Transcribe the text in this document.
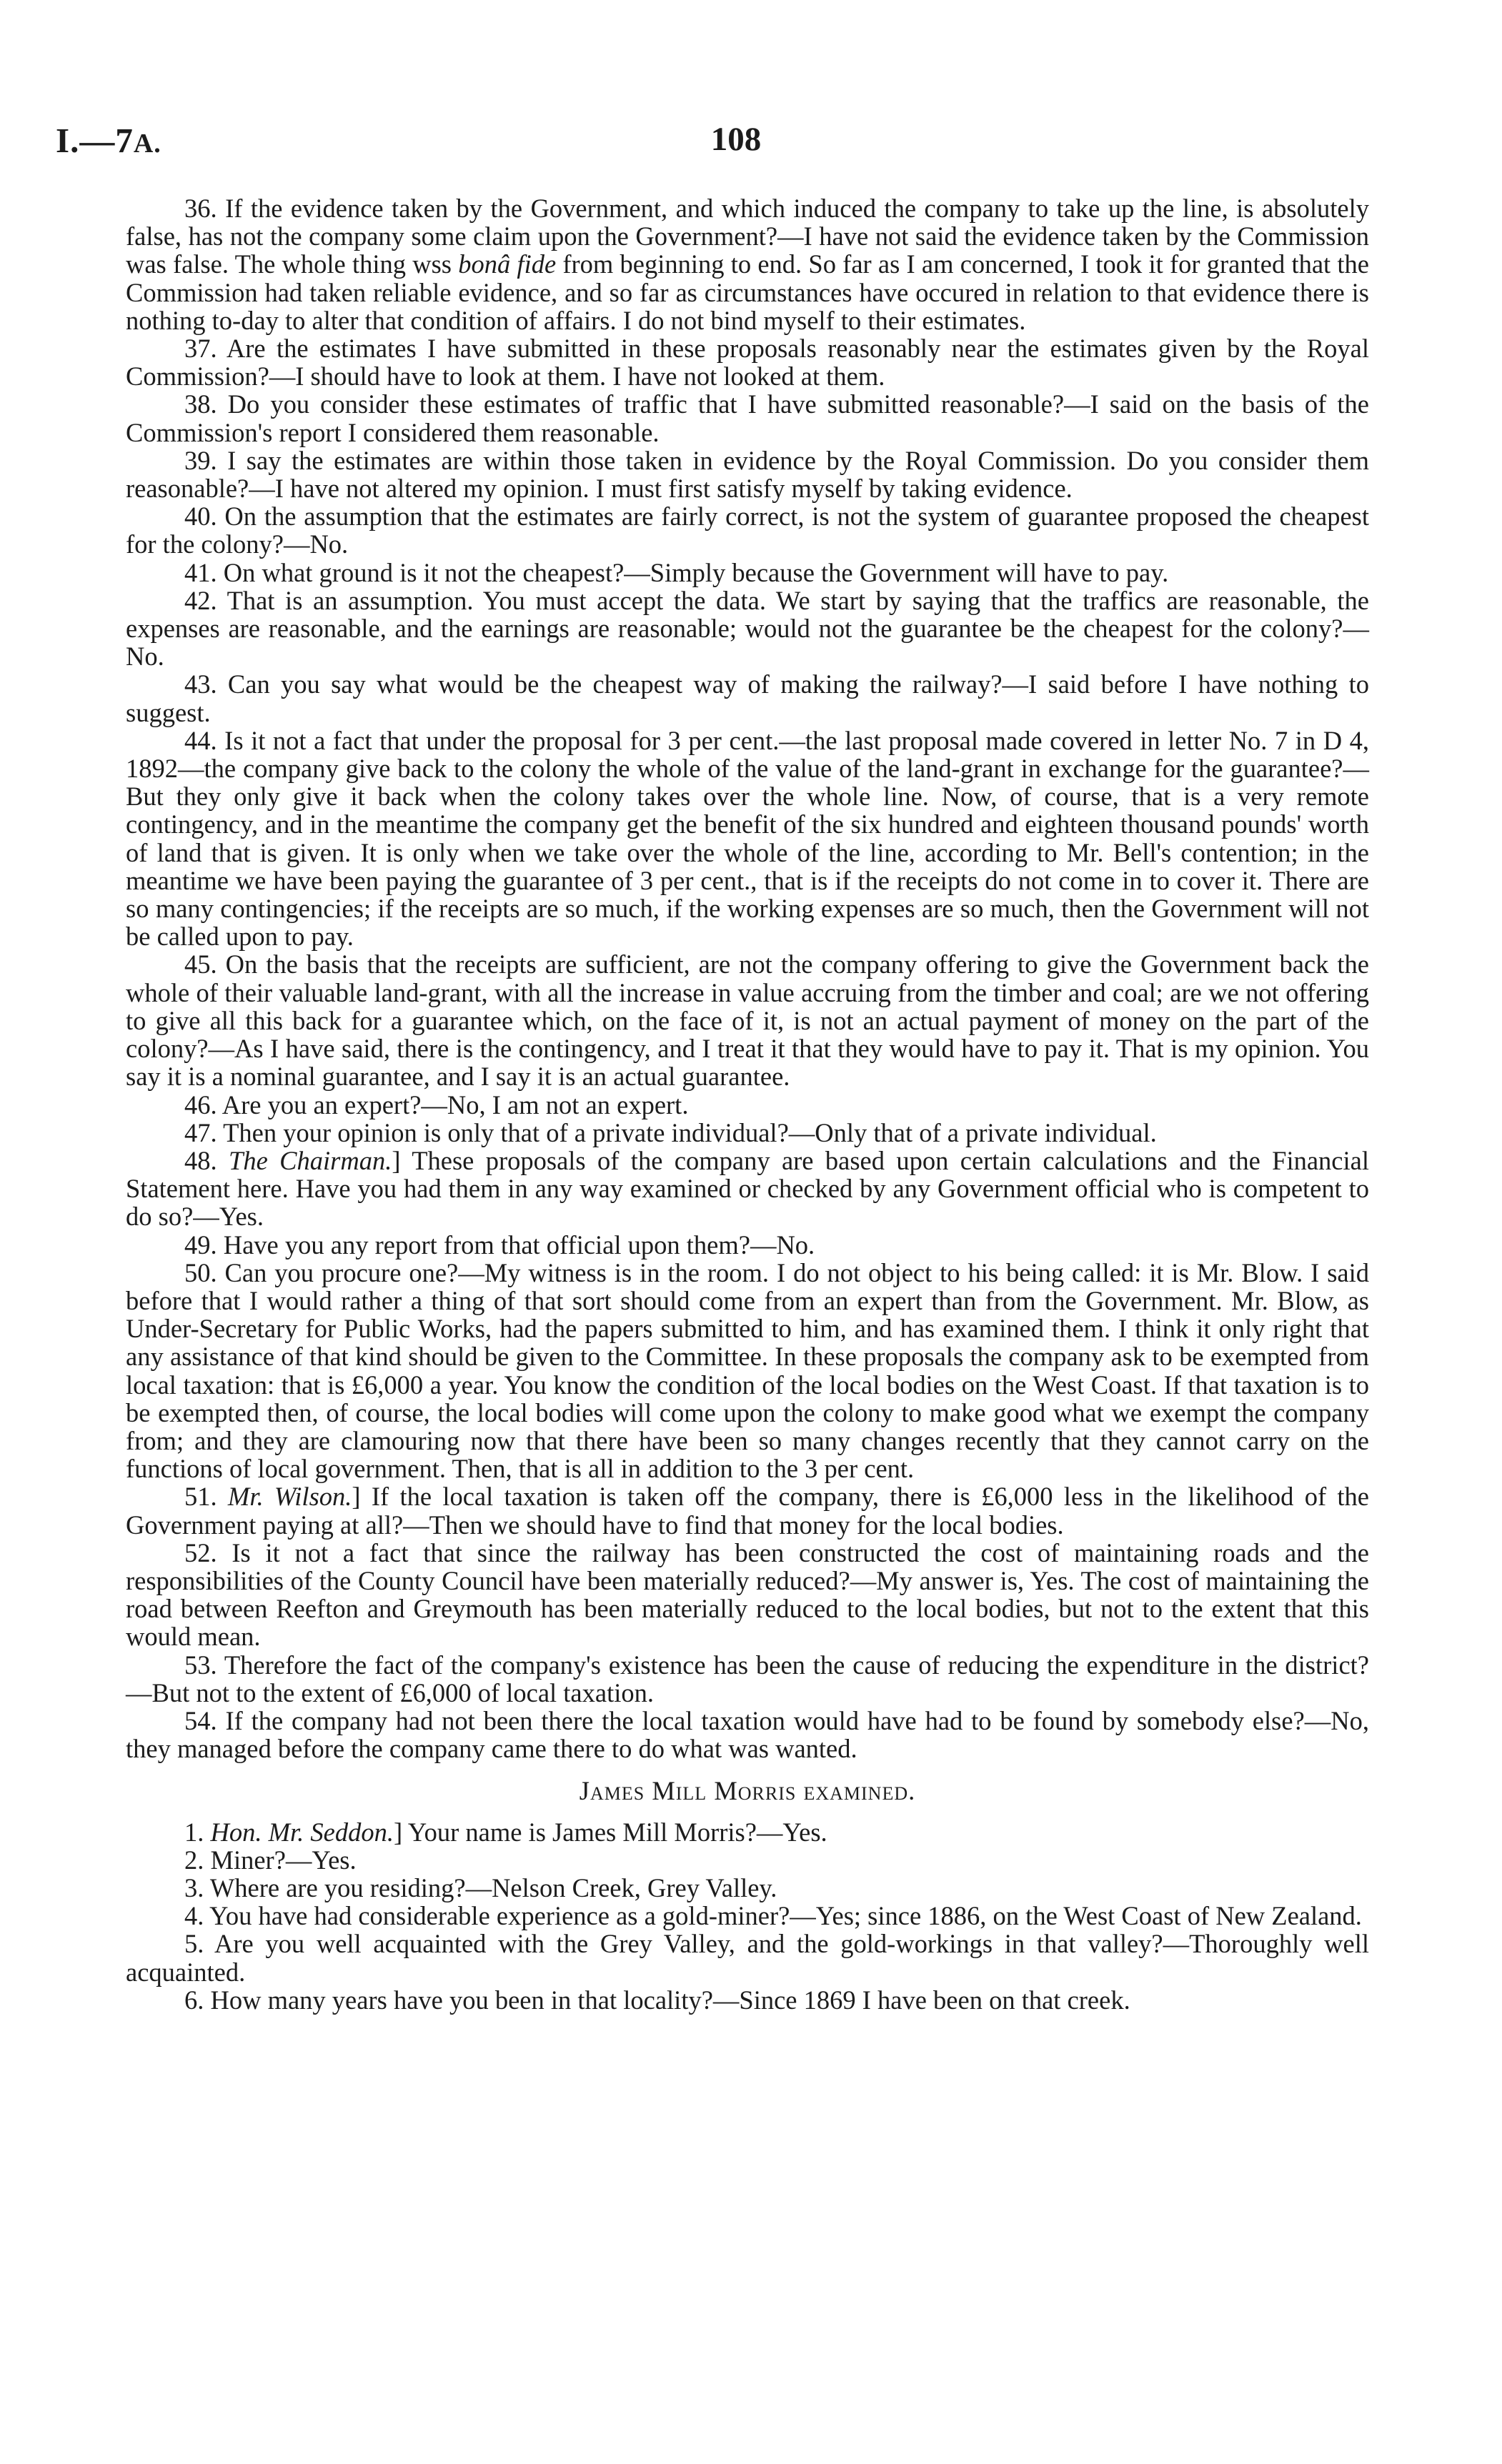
I.—7A.	108

36. If the evidence taken by the Government, and which induced the company to take up the line, is absolutely false, has not the company some claim upon the Government?—I have not said the evidence taken by the Commission was false. The whole thing wss bonâ fide from beginning to end. So far as I am concerned, I took it for granted that the Commission had taken reliable evidence, and so far as circumstances have occured in relation to that evidence there is nothing to-day to alter that condition of affairs. I do not bind myself to their estimates.

37. Are the estimates I have submitted in these proposals reasonably near the estimates given by the Royal Commission?—I should have to look at them. I have not looked at them.

38. Do you consider these estimates of traffic that I have submitted reasonable?—I said on the basis of the Commission's report I considered them reasonable.

39. I say the estimates are within those taken in evidence by the Royal Commission. Do you consider them reasonable?—I have not altered my opinion. I must first satisfy myself by taking evidence.

40. On the assumption that the estimates are fairly correct, is not the system of guarantee proposed the cheapest for the colony?—No.

41. On what ground is it not the cheapest?—Simply because the Government will have to pay.

42. That is an assumption. You must accept the data. We start by saying that the traffics are reasonable, the expenses are reasonable, and the earnings are reasonable; would not the guarantee be the cheapest for the colony?—No.

43. Can you say what would be the cheapest way of making the railway?—I said before I have nothing to suggest.

44. Is it not a fact that under the proposal for 3 per cent.—the last proposal made covered in letter No. 7 in D 4, 1892—the company give back to the colony the whole of the value of the land-grant in exchange for the guarantee?—But they only give it back when the colony takes over the whole line. Now, of course, that is a very remote contingency, and in the meantime the company get the benefit of the six hundred and eighteen thousand pounds' worth of land that is given. It is only when we take over the whole of the line, according to Mr. Bell's contention; in the meantime we have been paying the guarantee of 3 per cent., that is if the receipts do not come in to cover it. There are so many contingencies; if the receipts are so much, if the working expenses are so much, then the Government will not be called upon to pay.

45. On the basis that the receipts are sufficient, are not the company offering to give the Government back the whole of their valuable land-grant, with all the increase in value accruing from the timber and coal; are we not offering to give all this back for a guarantee which, on the face of it, is not an actual payment of money on the part of the colony?—As I have said, there is the contingency, and I treat it that they would have to pay it. That is my opinion. You say it is a nominal guarantee, and I say it is an actual guarantee.

46. Are you an expert?—No, I am not an expert.

47. Then your opinion is only that of a private individual?—Only that of a private individual.

48. The Chairman.] These proposals of the company are based upon certain calculations and the Financial Statement here. Have you had them in any way examined or checked by any Government official who is competent to do so?—Yes.

49. Have you any report from that official upon them?—No.

50. Can you procure one?—My witness is in the room. I do not object to his being called: it is Mr. Blow. I said before that I would rather a thing of that sort should come from an expert than from the Government. Mr. Blow, as Under-Secretary for Public Works, had the papers submitted to him, and has examined them. I think it only right that any assistance of that kind should be given to the Committee. In these proposals the company ask to be exempted from local taxation: that is £6,000 a year. You know the condition of the local bodies on the West Coast. If that taxation is to be exempted then, of course, the local bodies will come upon the colony to make good what we exempt the company from; and they are clamouring now that there have been so many changes recently that they cannot carry on the functions of local government. Then, that is all in addition to the 3 per cent.

51. Mr. Wilson.] If the local taxation is taken off the company, there is £6,000 less in the likelihood of the Government paying at all?—Then we should have to find that money for the local bodies.

52. Is it not a fact that since the railway has been constructed the cost of maintaining roads and the responsibilities of the County Council have been materially reduced?—My answer is, Yes. The cost of maintaining the road between Reefton and Greymouth has been materially reduced to the local bodies, but not to the extent that this would mean.

53. Therefore the fact of the company's existence has been the cause of reducing the expenditure in the district?—But not to the extent of £6,000 of local taxation.

54. If the company had not been there the local taxation would have had to be found by somebody else?—No, they managed before the company came there to do what was wanted.

James Mill Morris examined.

1. Hon. Mr. Seddon.] Your name is James Mill Morris?—Yes.

2. Miner?—Yes.

3. Where are you residing?—Nelson Creek, Grey Valley.

4. You have had considerable experience as a gold-miner?—Yes; since 1886, on the West Coast of New Zealand.

5. Are you well acquainted with the Grey Valley, and the gold-workings in that valley?—Thoroughly well acquainted.

6. How many years have you been in that locality?—Since 1869 I have been on that creek.
